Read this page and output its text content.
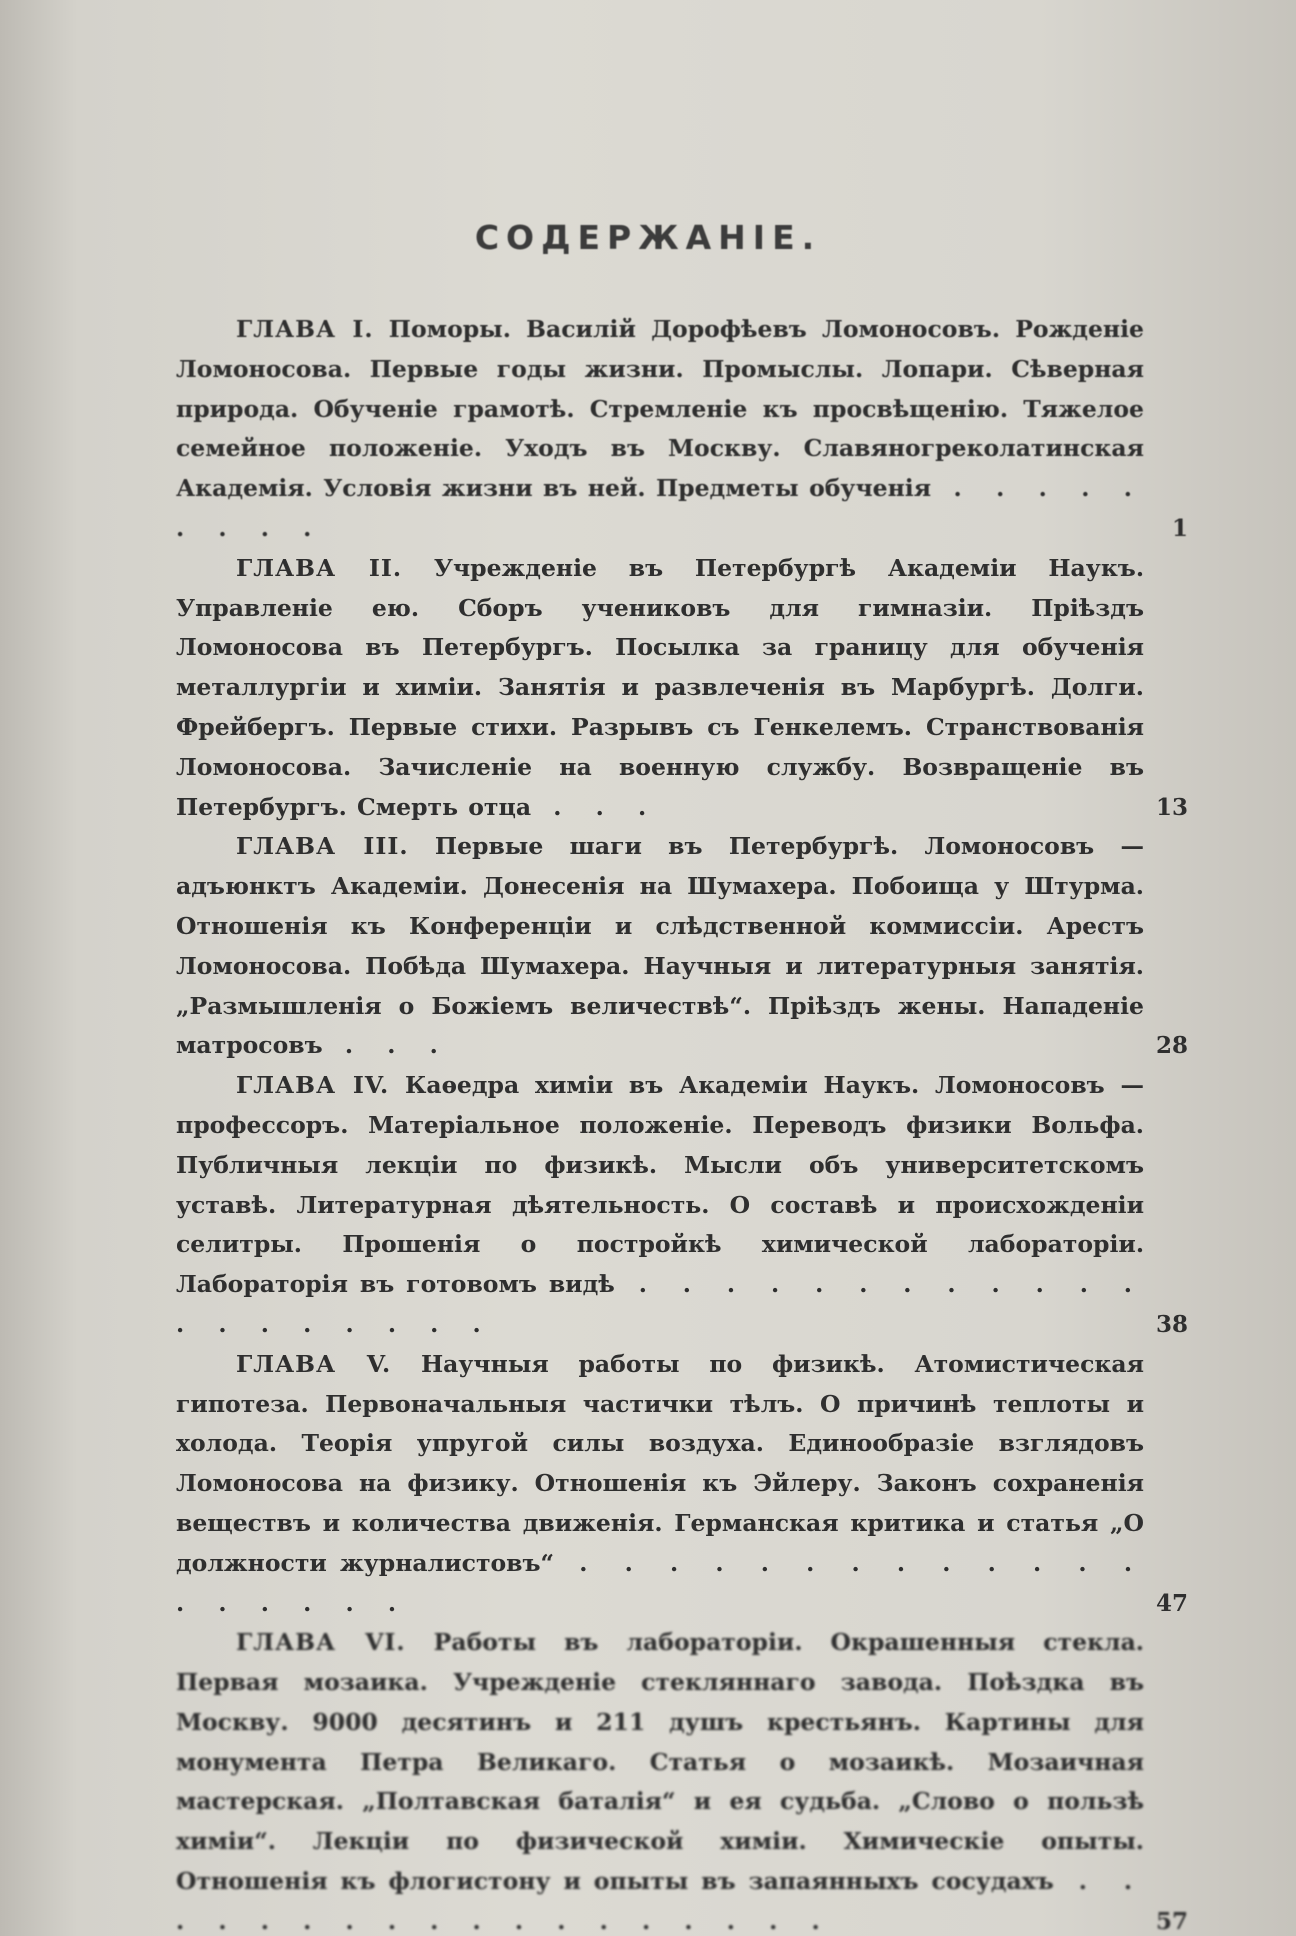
СОДЕРЖАНІЕ.
ГЛАВА I. Поморы. Василій Дорофѣевъ Ломоносовъ. Рожденіе Ломоносова. Первые годы жизни. Промыслы. Лопари. Сѣверная природа. Обученіе грамотѣ. Стремленіе къ просвѣщенію. Тяжелое семейное положеніе. Уходъ въ Москву. Славяногреколатинская Академія. Условія жизни въ ней. Предметы обученія . . . . . . . . .	1
ГЛАВА II. Учрежденіе въ Петербургѣ Академіи Наукъ. Управленіе ею. Сборъ учениковъ для гимназіи. Пріѣздъ Ломоносова въ Петербургъ. Посылка за границу для обученія металлургіи и химіи. Занятія и развлеченія въ Марбургѣ. Долги. Фрейбергъ. Первые стихи. Разрывъ съ Генкелемъ. Странствованія Ломоносова. Зачисленіе на военную службу. Возвращеніе въ Петербургъ. Смерть отца . . .	13
ГЛАВА III. Первые шаги въ Петербургѣ. Ломоносовъ — адъюнктъ Академіи. Донесенія на Шумахера. Побоища у Штурма. Отношенія къ Конференціи и слѣдственной коммиссіи. Арестъ Ломоносова. Побѣда Шумахера. Научныя и литературныя занятія. „Размышленія о Божіемъ величествѣ“. Пріѣздъ жены. Нападеніе матросовъ . . .	28
ГЛАВА IV. Каѳедра химіи въ Академіи Наукъ. Ломоносовъ — профессоръ. Матеріальное положеніе. Переводъ физики Вольфа. Публичныя лекціи по физикѣ. Мысли объ университетскомъ уставѣ. Литературная дѣятельность. О составѣ и происхожденіи селитры. Прошенія о постройкѣ химической лабораторіи. Лабораторія въ готовомъ видѣ . . . . . . . . . . . . . . . . . . . .	38
ГЛАВА V. Научныя работы по физикѣ. Атомистическая гипотеза. Первоначальныя частички тѣлъ. О причинѣ теплоты и холода. Теорія упругой силы воздуха. Единообразіе взглядовъ Ломоносова на физику. Отношенія къ Эйлеру. Законъ сохраненія веществъ и количества движенія. Германская критика и статья „О должности журналистовъ“ . . . . . . . . . . . . . . . . . . .	47
ГЛАВА VI. Работы въ лабораторіи. Окрашенныя стекла. Первая мозаика. Учрежденіе стекляннаго завода. Поѣздка въ Москву. 9000 десятинъ и 211 душъ крестьянъ. Картины для монумента Петра Великаго. Статья о мозаикѣ. Мозаичная мастерская. „Полтавская баталія“ и ея судьба. „Слово о пользѣ химіи“. Лекціи по физической химіи. Химическіе опыты. Отношенія къ флогистону и опыты въ запаянныхъ сосудахъ . . . . . . . . . . . . . . . . . .	57
